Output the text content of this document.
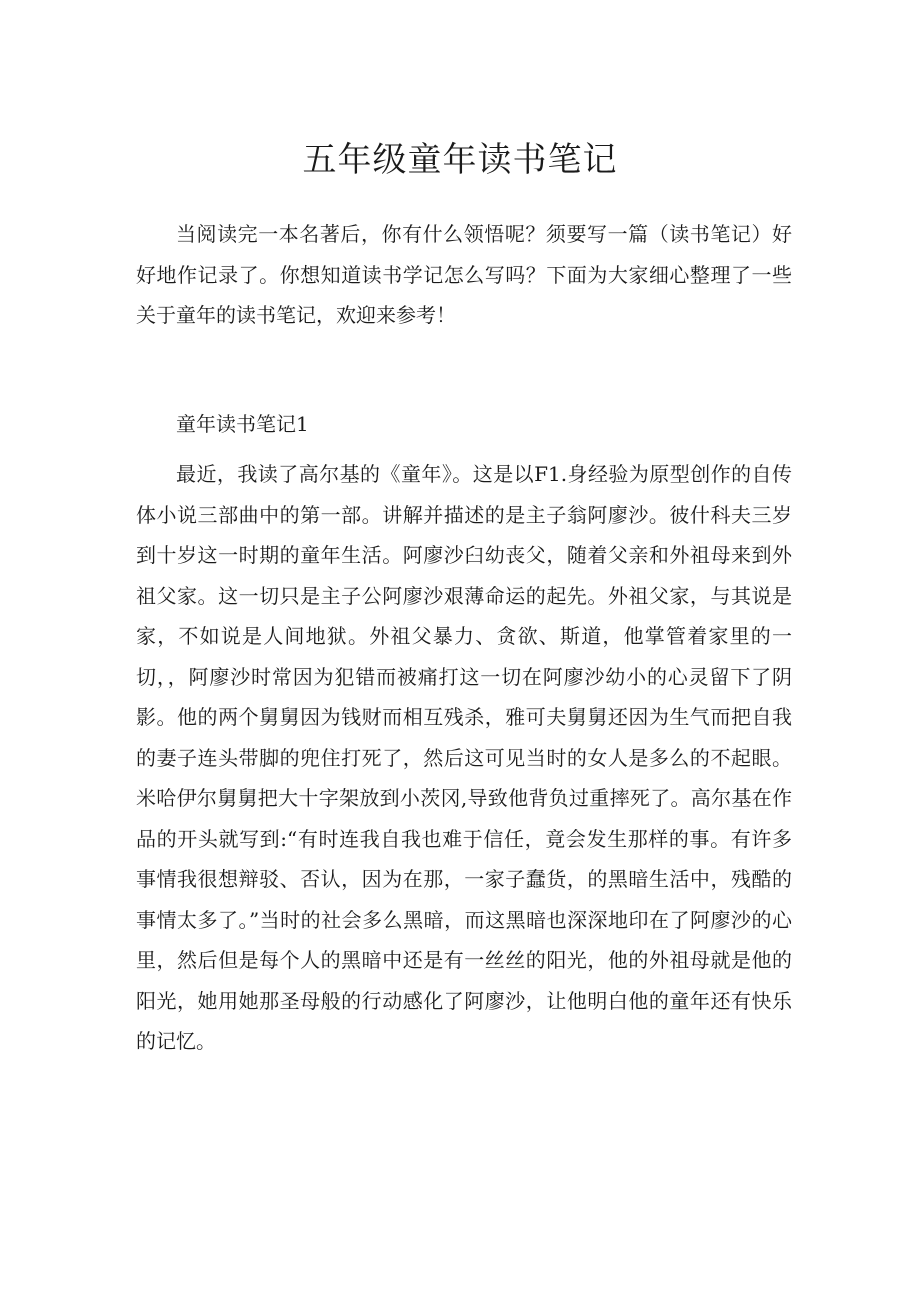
五年级童年读书笔记

当阅读完一本名著后，你有什么领悟呢？须要写一篇（读书笔记）好好地作记录了。你想知道读书学记怎么写吗？下面为大家细心整理了一些关于童年的读书笔记，欢迎来参考！

童年读书笔记1

最近，我读了高尔基的《童年》。这是以F1.身经验为原型创作的自传体小说三部曲中的第一部。讲解并描述的是主子翁阿廖沙。彼什科夫三岁到十岁这一时期的童年生活。阿廖沙臼幼丧父，随着父亲和外祖母来到外祖父家。这一切只是主子公阿廖沙艰薄命运的起先。外祖父家，与其说是家，不如说是人间地狱。外祖父暴力、贪欲、斯道，他掌管着家里的一切，，阿廖沙时常因为犯错而被痛打这一切在阿廖沙幼小的心灵留下了阴影。他的两个舅舅因为钱财而相互残杀，雅可夫舅舅还因为生气而把自我的妻子连头带脚的兜住打死了，然后这可见当时的女人是多么的不起眼。米哈伊尔舅舅把大十字架放到小茨冈,导致他背负过重摔死了。高尔基在作品的开头就写到:“有时连我自我也难于信任，竟会发生那样的事。有许多事情我很想辩驳、否认，因为在那，一家子蠢货，的黑暗生活中，残酷的事情太多了。”当时的社会多么黑暗，而这黑暗也深深地印在了阿廖沙的心里，然后但是每个人的黑暗中还是有一丝丝的阳光，他的外祖母就是他的阳光，她用她那圣母般的行动感化了阿廖沙，让他明白他的童年还有快乐的记忆。
